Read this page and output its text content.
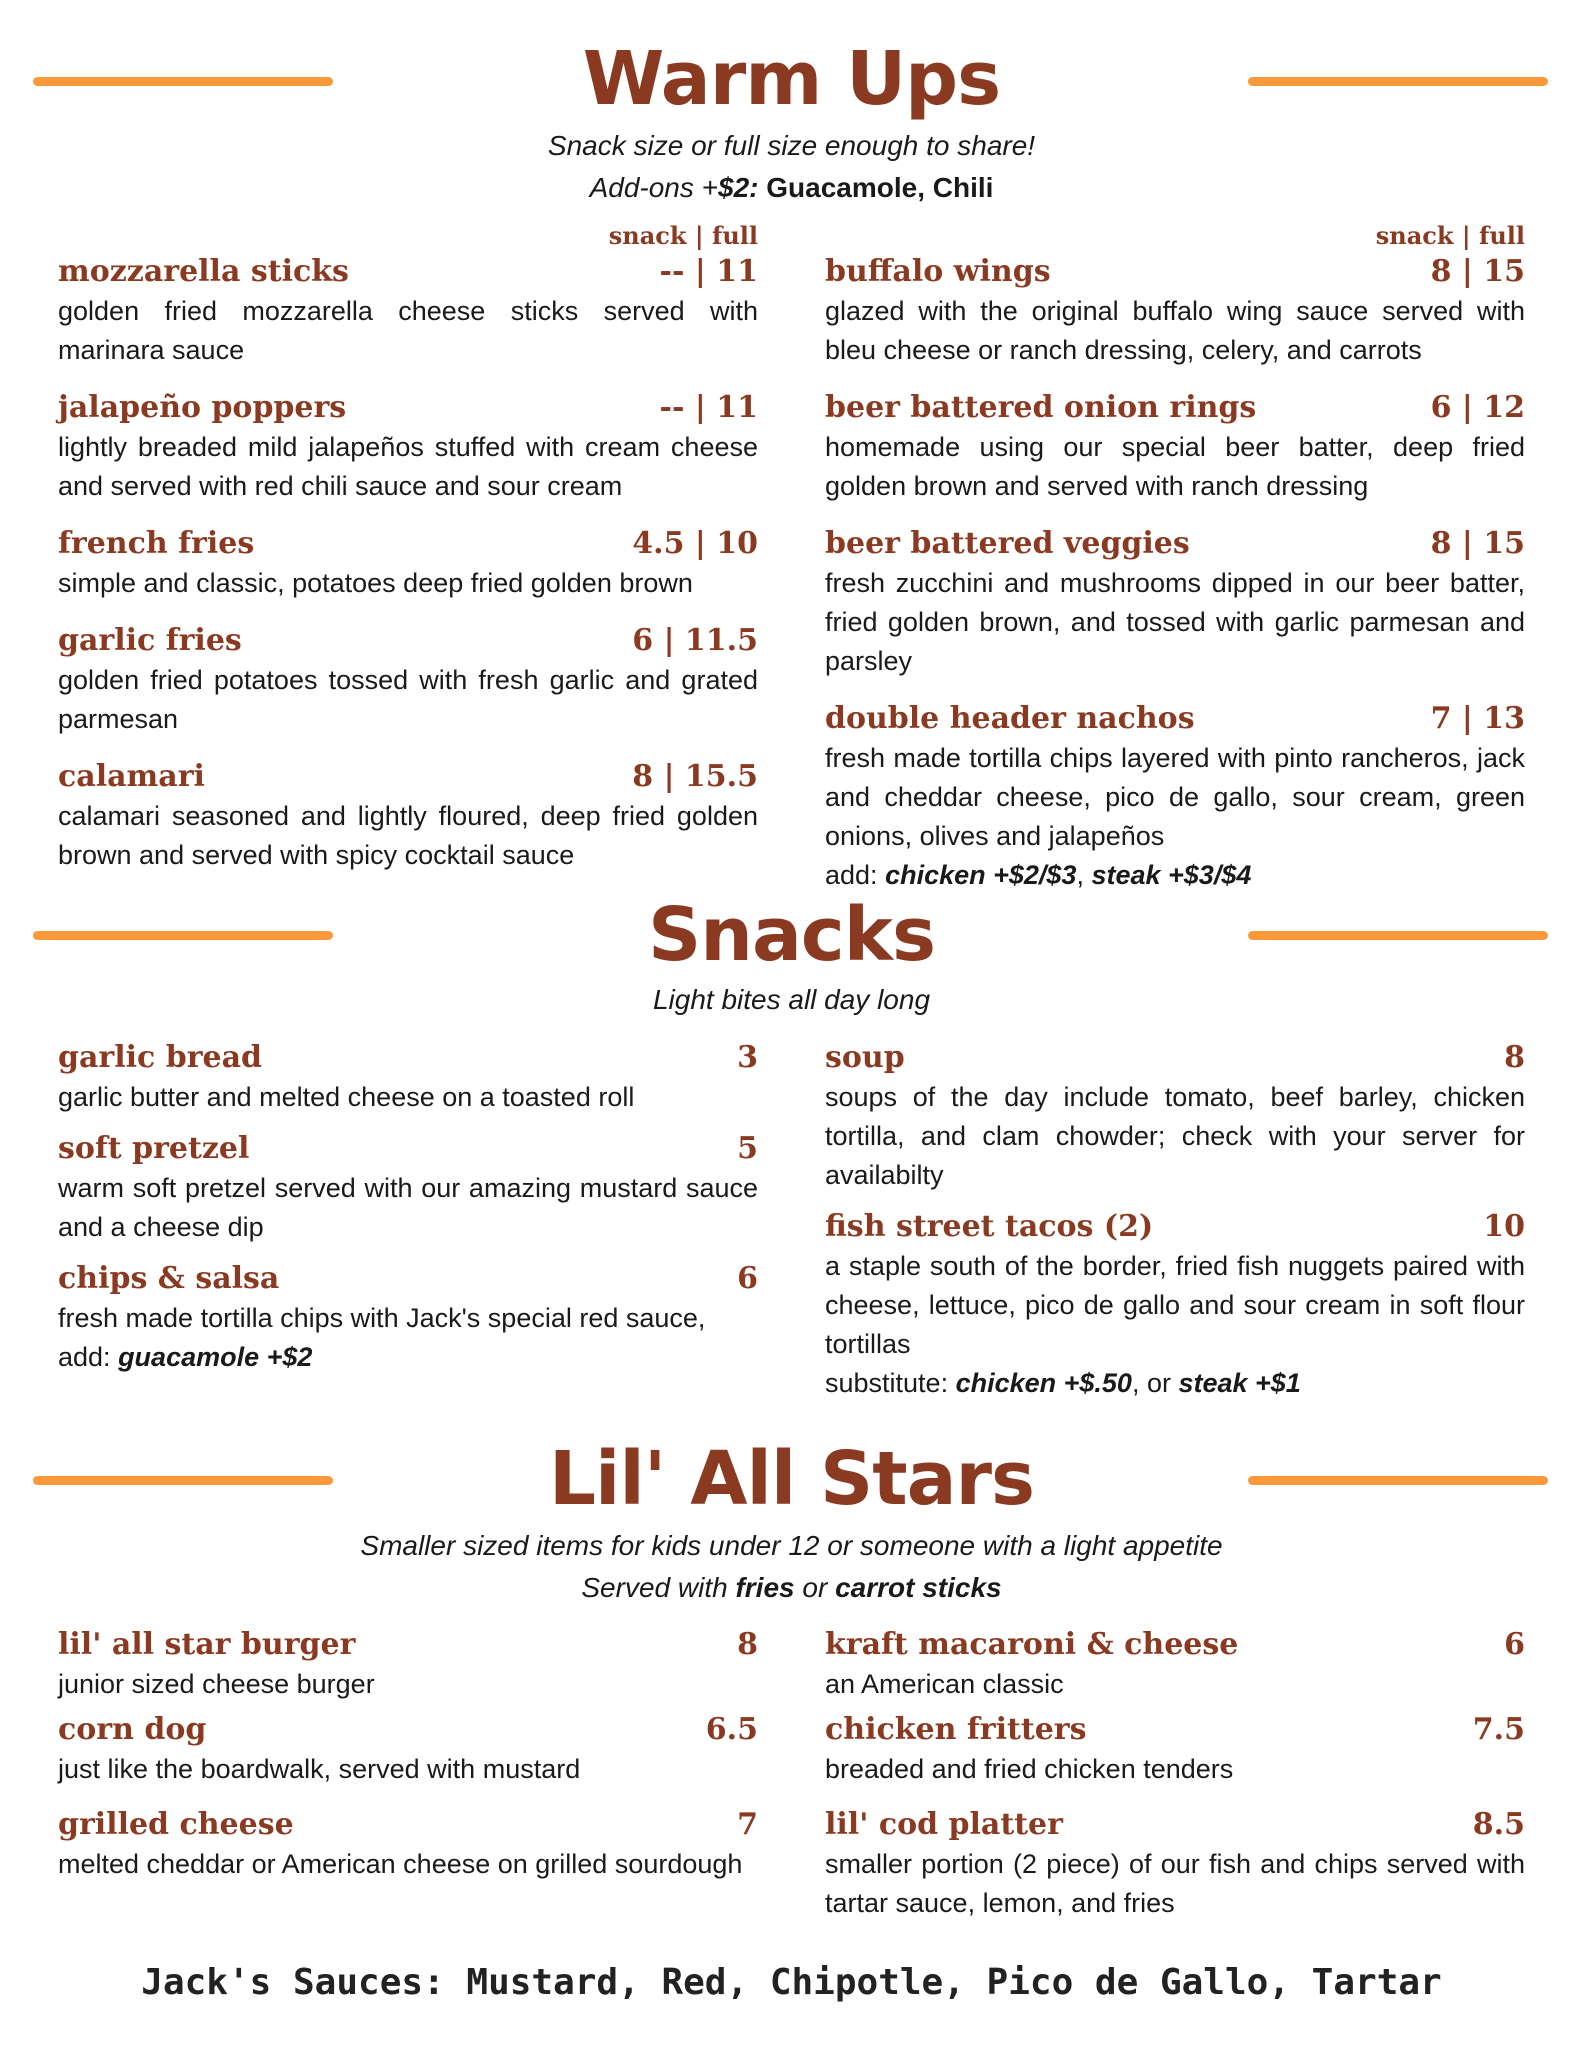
Warm Ups
Snack size or full size enough to share!
Add-ons +$2: Guacamole, Chili
snack | full
mozzarella sticks	-- | 11
golden fried mozzarella cheese sticks served with marinara sauce
jalapeño poppers	-- | 11
lightly breaded mild jalapeños stuffed with cream cheese and served with red chili sauce and sour cream
french fries	4.5 | 10
simple and classic, potatoes deep fried golden brown
garlic fries	6 | 11.5
golden fried potatoes tossed with fresh garlic and grated parmesan
calamari	8 | 15.5
calamari seasoned and lightly floured, deep fried golden brown and served with spicy cocktail sauce
snack | full
buffalo wings	8 | 15
glazed with the original buffalo wing sauce served with bleu cheese or ranch dressing, celery, and carrots
beer battered onion rings	6 | 12
homemade using our special beer batter, deep fried golden brown and served with ranch dressing
beer battered veggies	8 | 15
fresh zucchini and mushrooms dipped in our beer batter, fried golden brown, and tossed with garlic parmesan and parsley
double header nachos	7 | 13
fresh made tortilla chips layered with pinto rancheros, jack and cheddar cheese, pico de gallo, sour cream, green onions, olives and jalapeños
add: chicken +$2/$3, steak +$3/$4
Snacks
Light bites all day long
garlic bread	3
garlic butter and melted cheese on a toasted roll
soft pretzel	5
warm soft pretzel served with our amazing mustard sauce and a cheese dip
chips & salsa	6
fresh made tortilla chips with Jack's special red sauce,
add: guacamole +$2
soup	8
soups of the day include tomato, beef barley, chicken tortilla, and clam chowder; check with your server for availabilty
fish street tacos (2)	10
a staple south of the border, fried fish nuggets paired with cheese, lettuce, pico de gallo and sour cream in soft flour tortillas
substitute: chicken +$.50, or steak +$1
Lil' All Stars
Smaller sized items for kids under 12 or someone with a light appetite
Served with fries or carrot sticks
lil' all star burger	8
junior sized cheese burger
corn dog	6.5
just like the boardwalk, served with mustard
grilled cheese	7
melted cheddar or American cheese on grilled sourdough
kraft macaroni & cheese	6
an American classic
chicken fritters	7.5
breaded and fried chicken tenders
lil' cod platter	8.5
smaller portion (2 piece) of our fish and chips served with tartar sauce, lemon, and fries
Jack's Sauces: Mustard, Red, Chipotle, Pico de Gallo, Tartar
